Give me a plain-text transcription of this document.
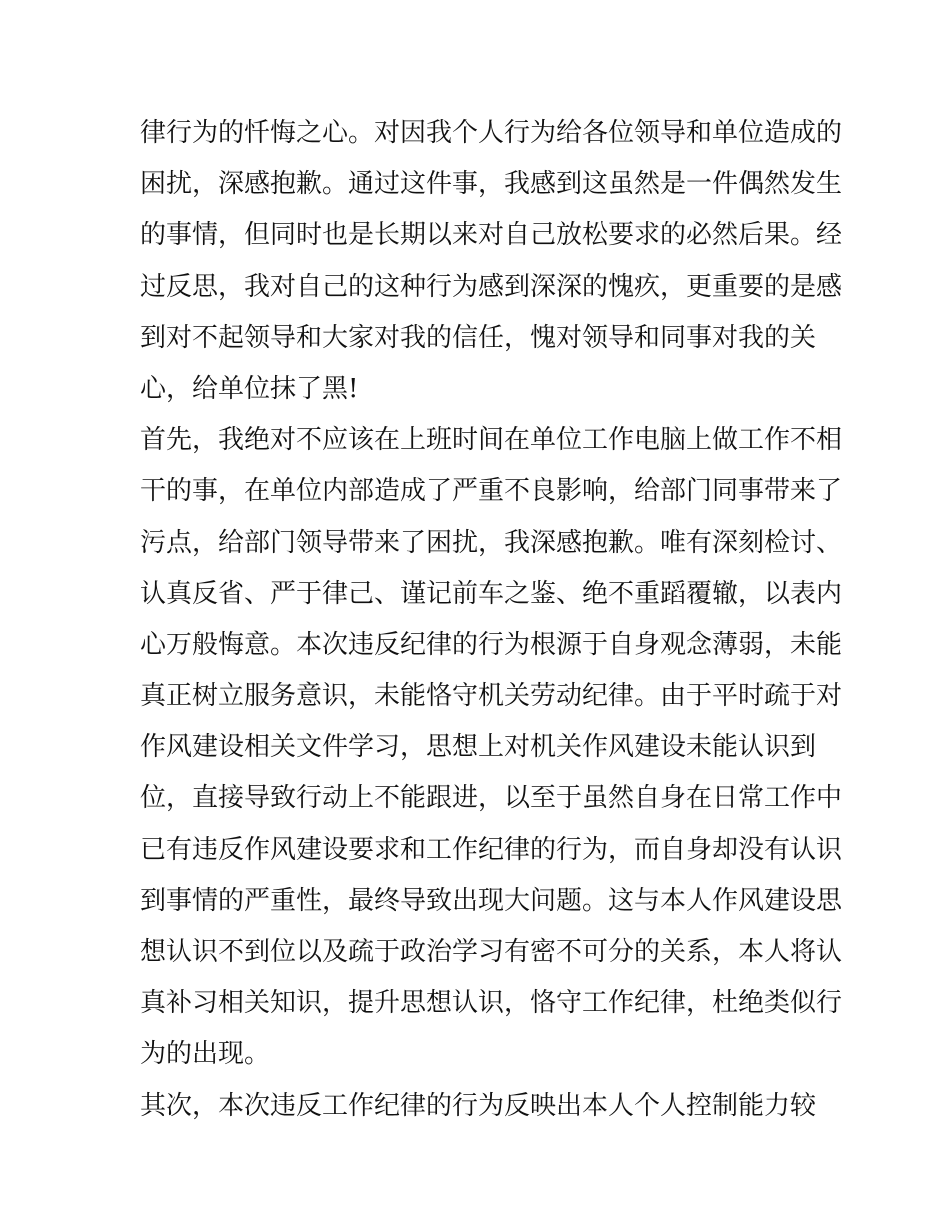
律行为的忏悔之心。对因我个人行为给各位领导和单位造成的
困扰，深感抱歉。通过这件事，我感到这虽然是一件偶然发生
的事情，但同时也是长期以来对自己放松要求的必然后果。经
过反思，我对自己的这种行为感到深深的愧疚，更重要的是感
到对不起领导和大家对我的信任，愧对领导和同事对我的关
心，给单位抹了黑!
首先，我绝对不应该在上班时间在单位工作电脑上做工作不相
干的事，在单位内部造成了严重不良影响，给部门同事带来了
污点，给部门领导带来了困扰，我深感抱歉。唯有深刻检讨、
认真反省、严于律己、谨记前车之鉴、绝不重蹈覆辙，以表内
心万般悔意。本次违反纪律的行为根源于自身观念薄弱，未能
真正树立服务意识，未能恪守机关劳动纪律。由于平时疏于对
作风建设相关文件学习，思想上对机关作风建设未能认识到
位，直接导致行动上不能跟进，以至于虽然自身在日常工作中
已有违反作风建设要求和工作纪律的行为，而自身却没有认识
到事情的严重性，最终导致出现大问题。这与本人作风建设思
想认识不到位以及疏于政治学习有密不可分的关系，本人将认
真补习相关知识，提升思想认识，恪守工作纪律，杜绝类似行
为的出现。
其次，本次违反工作纪律的行为反映出本人个人控制能力较
